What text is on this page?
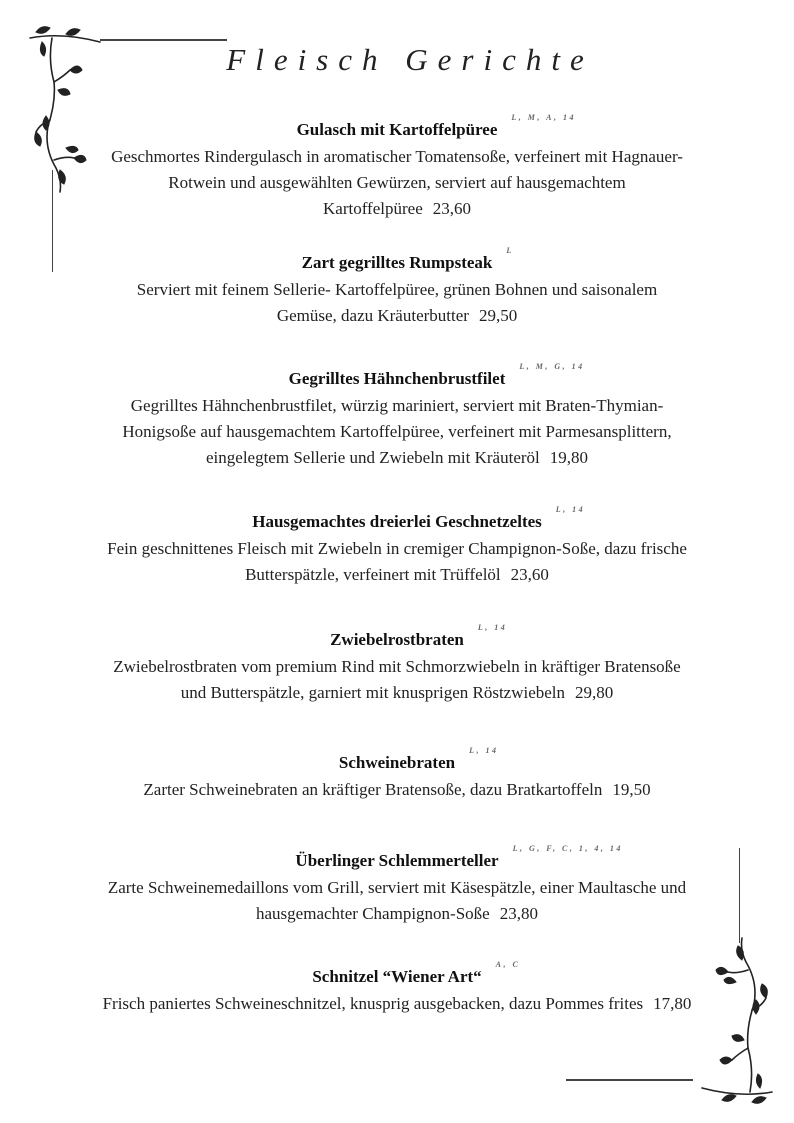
Fleisch Gerichte
Gulasch mit Kartoffelpüree
L, M, A, 14
Geschmortes Rindergulasch in aromatischer Tomatensoße, verfeinert mit Hagnauer-Rotwein und ausgewählten Gewürzen, serviert auf hausgemachtem Kartoffelpüree 23,60
Zart gegrilltes Rumpsteak
L
Serviert mit feinem Sellerie- Kartoffelpüree, grünen Bohnen und saisonalem Gemüse, dazu Kräuterbutter 29,50
Gegrilltes Hähnchenbrustfilet
L, M, G, 14
Gegrilltes Hähnchenbrustfilet, würzig mariniert, serviert mit Braten-Thymian-Honigsoße auf hausgemachtem Kartoffelpüree, verfeinert mit Parmesansplittern, eingelegtem Sellerie und Zwiebeln mit Kräuteröl 19,80
Hausgemachtes dreierlei Geschnetzeltes
L, 14
Fein geschnittenes Fleisch mit Zwiebeln in cremiger Champignon-Soße, dazu frische Butterspätzle, verfeinert mit Trüffelöl 23,60
Zwiebelrostbraten
L, 14
Zwiebelrostbraten vom premium Rind mit Schmorzwiebeln in kräftiger Bratensoße und Butterspätzle, garniert mit knusprigen Röstzwiebeln 29,80
Schweinebraten
L, 14
Zarter Schweinebraten an kräftiger Bratensoße, dazu Bratkartoffeln 19,50
Überlinger Schlemmerteller
L, G, F, C, 1, 4, 14
Zarte Schweinemedaillons vom Grill, serviert mit Käsespätzle, einer Maultasche und hausgemachter Champignon-Soße 23,80
Schnitzel “Wiener Art“
A, C
Frisch paniertes Schweineschnitzel, knusprig ausgebacken, dazu Pommes frites 17,80
